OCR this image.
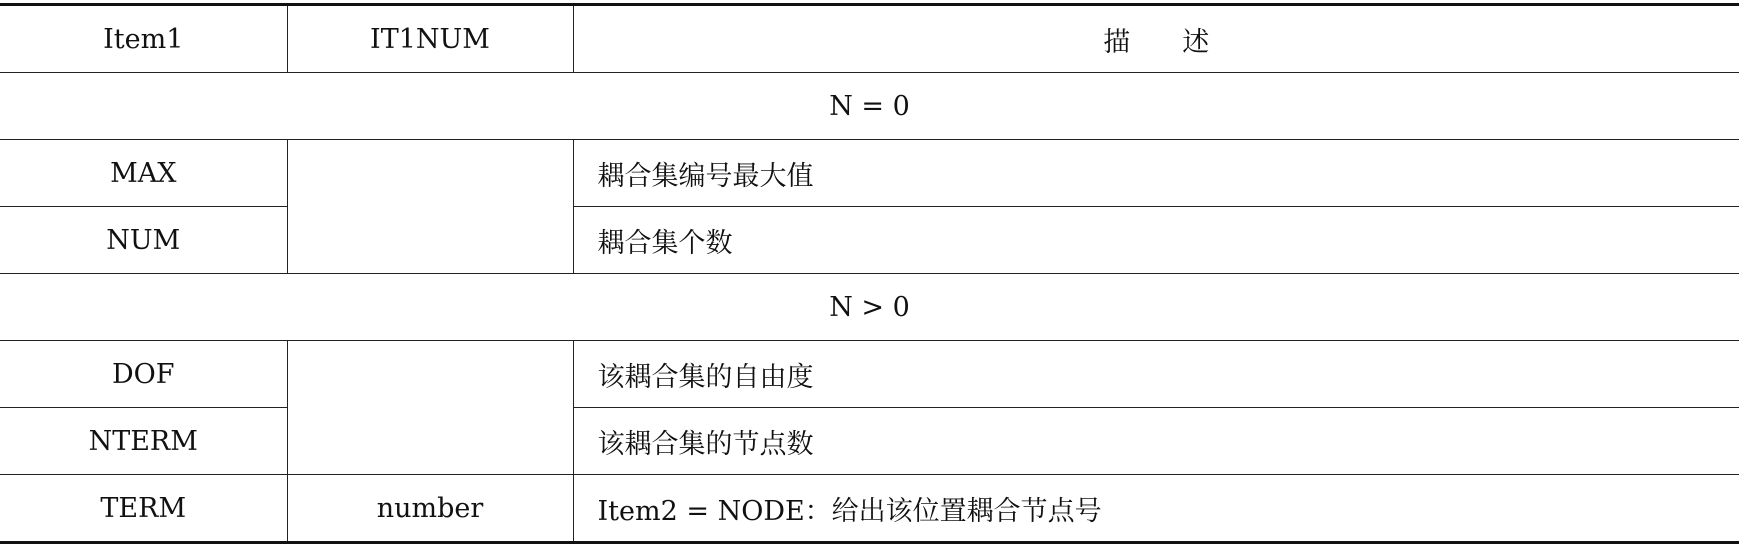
Item1	IT1NUM	描 述
N = 0		
MAX		耦合集编号最大值
NUM		耦合集个数
N > 0		
DOF		该耦合集的自由度
NTERM		该耦合集的节点数
TERM	number	Item2 = NODE：给出该位置耦合节点号
